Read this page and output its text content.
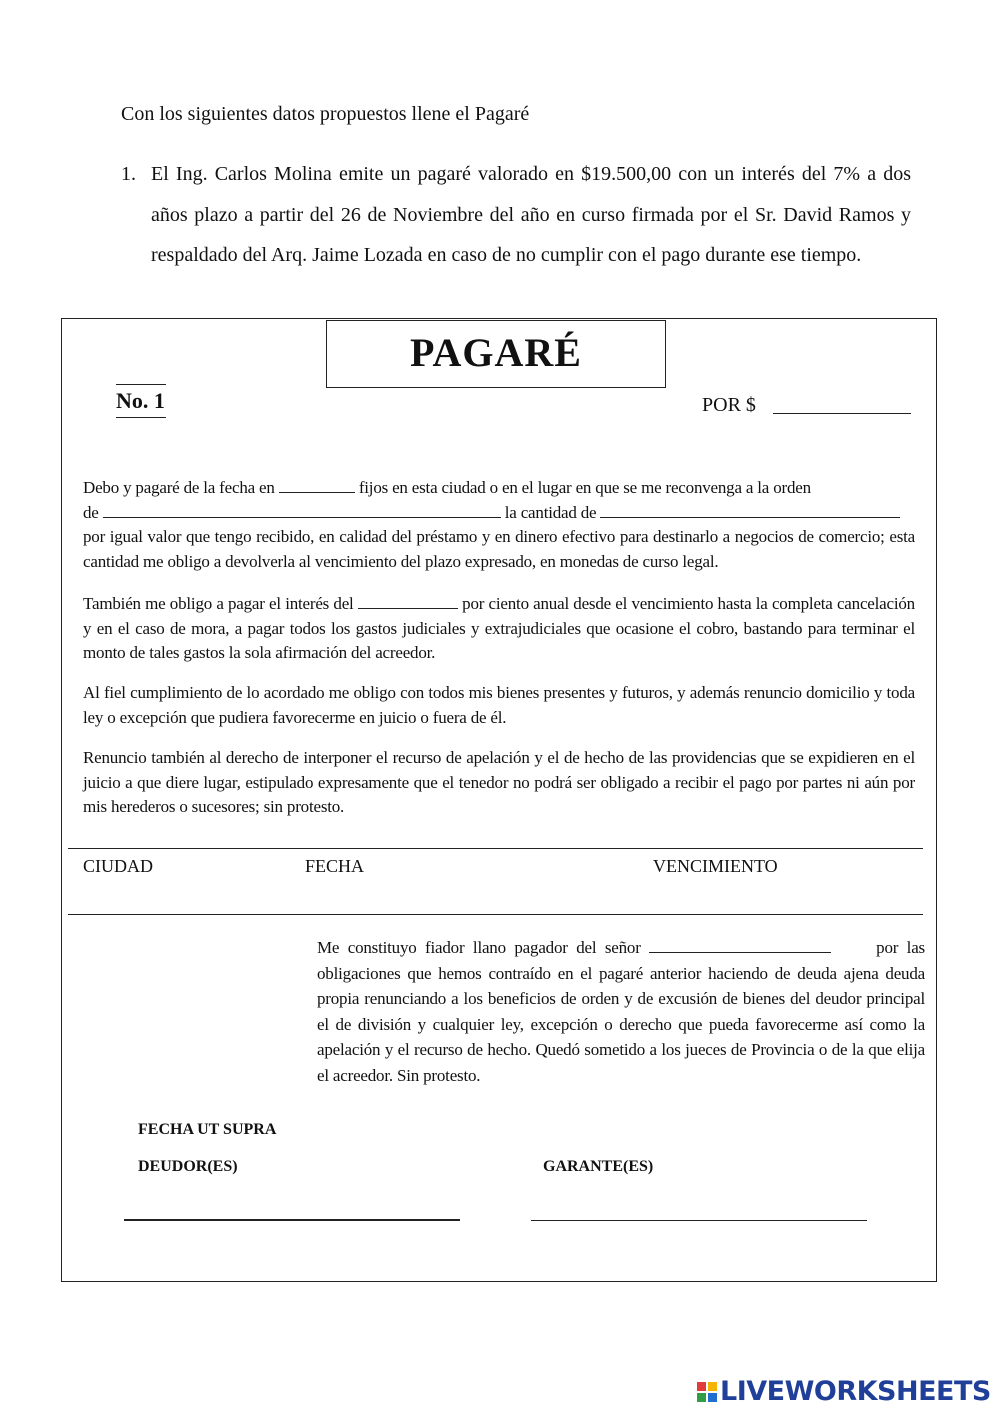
Con los siguientes datos propuestos llene el Pagaré
1. El Ing. Carlos Molina emite un pagaré valorado en $19.500,00 con un interés del 7% a dos años plazo a partir del 26 de Noviembre del año en curso firmada por el Sr. David Ramos y respaldado del Arq. Jaime Lozada en caso de no cumplir con el pago durante ese tiempo.
PAGARÉ
No. 1	POR $
Debo y pagaré de la fecha en	fijos en esta ciudad o en el lugar en que se me reconvenga a la orden
de	la cantidad de
por igual valor que tengo recibido, en calidad del préstamo y en dinero efectivo para destinarlo a negocios de comercio; esta cantidad me obligo a devolverla al vencimiento del plazo expresado, en monedas de curso legal.
También me obligo a pagar el interés del	por ciento anual desde el vencimiento hasta la completa cancelación y en el caso de mora, a pagar todos los gastos judiciales y extrajudiciales que ocasione el cobro, bastando para terminar el monto de tales gastos la sola afirmación del acreedor.
Al fiel cumplimiento de lo acordado me obligo con todos mis bienes presentes y futuros, y además renuncio domicilio y toda ley o excepción que pudiera favorecerme en juicio o fuera de él.
Renuncio también al derecho de interponer el recurso de apelación y el de hecho de las providencias que se expidieren en el juicio a que diere lugar, estipulado expresamente que el tenedor no podrá ser obligado a recibir el pago por partes ni aún por mis herederos o sucesores; sin protesto.
CIUDAD	FECHA	VENCIMIENTO
Me constituyo fiador llano pagador del señor	por las obligaciones que hemos contraído en el pagaré anterior haciendo de deuda ajena deuda propia renunciando a los beneficios de orden y de excusión de bienes del deudor principal el de división y cualquier ley, excepción o derecho que pueda favorecerme así como la apelación y el recurso de hecho. Quedó sometido a los jueces de Provincia o de la que elija el acreedor. Sin protesto.
FECHA UT SUPRA
DEUDOR(ES)	GARANTE(ES)
LIVEWORKSHEETS
